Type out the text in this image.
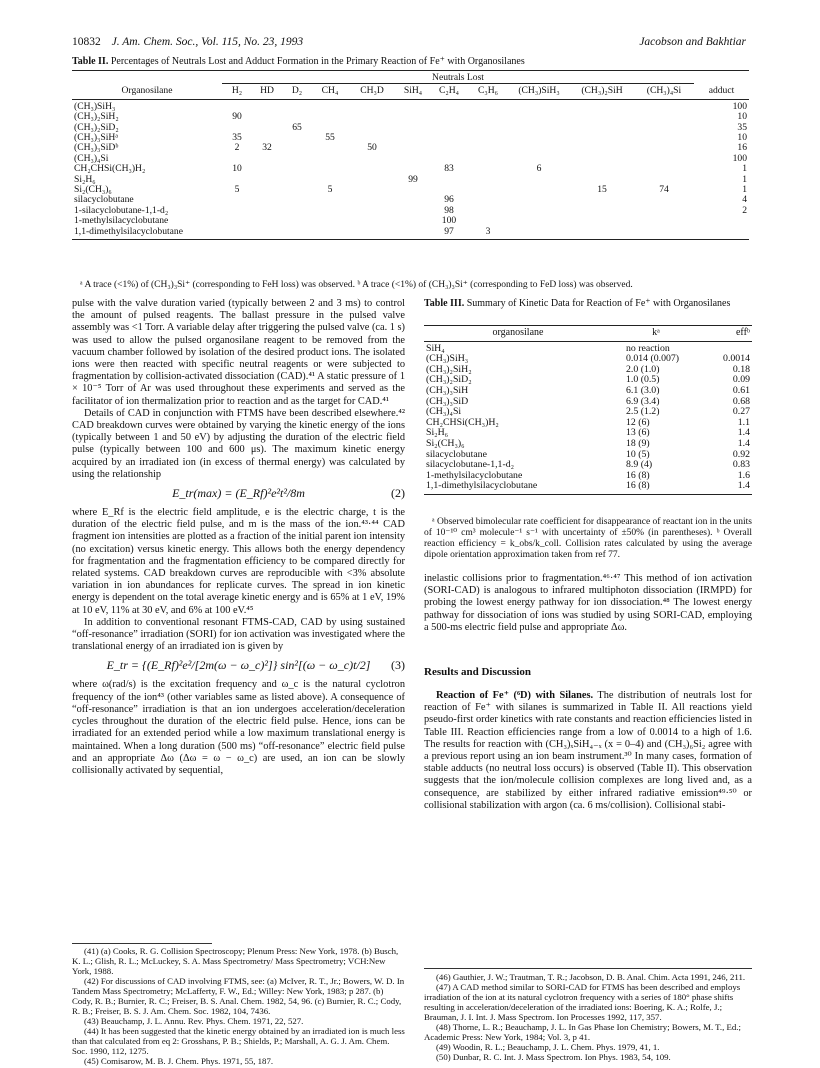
10832 J. Am. Chem. Soc., Vol. 115, No. 23, 1993	Jacobson and Bakhtiar
Table II. Percentages of Neutrals Lost and Adduct Formation in the Primary Reaction of Fe⁺ with Organosilanes
	Neutrals Lost											
Organosilane	H₂	HD	D₂	CH₄	CH₃D	SiH₄	C₂H₄	C₃H₆	(CH₃)SiH₃	(CH₃)₂SiH	(CH₃)₄Si	adduct
(CH₃)SiH₃												100
(CH₃)₂SiH₂	90											10
(CH₃)₂SiD₂			65									35
(CH₃)₃SiHᵃ	35			55								10
(CH₃)₃SiDᵇ	2	32			50							16
(CH₃)₄Si												100
CH₂CHSi(CH₃)H₂	10						83		6			1
Si₂H₆						99						1
Si₂(CH₃)₆	5			5						15	74	1
silacyclobutane							96					4
1-silacyclobutane-1,1-d₂							98					2
1-methylsilacyclobutane							100					
1,1-dimethylsilacyclobutane							97	3				
ᵃ A trace (<1%) of (CH₃)₃Si⁺ (corresponding to FeH loss) was observed. ᵇ A trace (<1%) of (CH₃)₃Si⁺ (corresponding to FeD loss) was observed.

pulse with the valve duration varied (typically between 2 and 3 ms) to control the amount of pulsed reagents. The ballast pressure in the pulsed valve assembly was <1 Torr. A variable delay after triggering the pulsed valve (ca. 1 s) was used to allow the pulsed organosilane reagent to be removed from the vacuum chamber followed by isolation of the desired product ions. The isolated ions were then reacted with specific neutral reagents or were subjected to fragmentation by collision-activated dissociation (CAD).⁴¹ A static pressure of 1 × 10⁻⁵ Torr of Ar was used throughout these experiments and served as the facilitator of ion thermalization prior to reaction and as the target for CAD.⁴¹

Details of CAD in conjunction with FTMS have been described elsewhere.⁴² CAD breakdown curves were obtained by varying the kinetic energy of the ions (typically between 1 and 50 eV) by adjusting the duration of the electric field pulse (typically between 100 and 600 μs). The maximum kinetic energy acquired by an irradiated ion (in excess of thermal energy) was calculated by using the relationship

E_tr(max) = (E_Rf)²e²t²/8m	(2)

where E_Rf is the electric field amplitude, e is the electric charge, t is the duration of the electric field pulse, and m is the mass of the ion.⁴³·⁴⁴ CAD fragment ion intensities are plotted as a fraction of the initial parent ion intensity (no excitation) versus kinetic energy. This allows both the energy dependency for fragmentation and the fragmentation efficiency to be compared directly for related systems. CAD breakdown curves are reproducible with <3% absolute variation in ion abundances for replicate curves. The spread in ion kinetic energy is dependent on the total average kinetic energy and is 65% at 1 eV, 19% at 10 eV, 11% at 30 eV, and 6% at 100 eV.⁴⁵

In addition to conventional resonant FTMS-CAD, CAD by using sustained “off-resonance” irradiation (SORI) for ion activation was investigated where the translational energy of an irradiated ion is given by

E_tr = {(E_Rf)²e²/[2m(ω − ω_c)²]} sin²[(ω − ω_c)t/2]	(3)

where ω(rad/s) is the excitation frequency and ω_c is the natural cyclotron frequency of the ion⁴³ (other variables same as listed above). A consequence of “off-resonance” irradiation is that an ion undergoes acceleration/deceleration cycles throughout the duration of the electric field pulse. Hence, ions can be irradiated for an extended period while a low maximum translational energy is maintained. When a long duration (500 ms) “off-resonance” electric field pulse and an appropriate Δω (Δω = ω − ω_c) are used, an ion can be slowly collisionally activated by sequential,

(41) (a) Cooks, R. G. Collision Spectroscopy; Plenum Press: New York, 1978. (b) Busch, K. L.; Glish, R. L.; McLuckey, S. A. Mass Spectrometry/ Mass Spectrometry; VCH:New York, 1988.

(42) For discussions of CAD involving FTMS, see: (a) McIver, R. T., Jr.; Bowers, W. D. In Tandem Mass Spectrometry; McLafferty, F. W., Ed.; Willey: New York, 1983; p 287. (b) Cody, R. B.; Burnier, R. C.; Freiser, B. S. Anal. Chem. 1982, 54, 96. (c) Burnier, R. C.; Cody, R. B.; Freiser, B. S. J. Am. Chem. Soc. 1982, 104, 7436.

(43) Beauchamp, J. L. Annu. Rev. Phys. Chem. 1971, 22, 527.

(44) It has been suggested that the kinetic energy obtained by an irradiated ion is much less than that calculated from eq 2: Grosshans, P. B.; Shields, P.; Marshall, A. G. J. Am. Chem. Soc. 1990, 112, 1275.

(45) Comisarow, M. B. J. Chem. Phys. 1971, 55, 187.

Table III. Summary of Kinetic Data for Reaction of Fe⁺ with Organosilanes
organosilane	kᵃ	effᵇ
SiH₄	no reaction	
(CH₃)SiH₃	0.014 (0.007)	0.0014
(CH₃)₂SiH₂	2.0 (1.0)	0.18
(CH₃)₂SiD₂	1.0 (0.5)	0.09
(CH₃)₃SiH	6.1 (3.0)	0.61
(CH₃)₃SiD	6.9 (3.4)	0.68
(CH₃)₄Si	2.5 (1.2)	0.27
CH₂CHSi(CH₃)H₂	12 (6)	1.1
Si₂H₆	13 (6)	1.4
Si₂(CH₃)₆	18 (9)	1.4
silacyclobutane	10 (5)	0.92
silacyclobutane-1,1-d₂	8.9 (4)	0.83
1-methylsilacyclobutane	16 (8)	1.6
1,1-dimethylsilacyclobutane	16 (8)	1.4

ᵃ Observed bimolecular rate coefficient for disappearance of reactant ion in the units of 10⁻¹⁰ cm³ molecule⁻¹ s⁻¹ with uncertainty of ±50% (in parentheses). ᵇ Overall reaction efficiency = k_obs/k_coll. Collision rates calculated by using the average dipole orientation approximation taken from ref 77.

inelastic collisions prior to fragmentation.⁴⁶·⁴⁷ This method of ion activation (SORI-CAD) is analogous to infrared multiphoton dissociation (IRMPD) for probing the lowest energy pathway for ion dissociation.⁴⁸ The lowest energy pathway for dissociation of ions was studied by using SORI-CAD, employing a 500-ms electric field pulse and appropriate Δω.

Results and Discussion

Reaction of Fe⁺ (⁶D) with Silanes. The distribution of neutrals lost for reaction of Fe⁺ with silanes is summarized in Table II. All reactions yield pseudo-first order kinetics with rate constants and reaction efficiencies listed in Table III. Reaction efficiencies range from a low of 0.0014 to a high of 1.6. The results for reaction with (CH₃)ₓSiH₄₋ₓ (x = 0–4) and (CH₃)₆Si₂ agree with a previous report using an ion beam instrument.³⁰ In many cases, formation of stable adducts (no neutral loss occurs) is observed (Table II). This observation suggests that the ion/molecule collision complexes are long lived and, as a consequence, are stabilized by either infrared radiative emission⁴⁹·⁵⁰ or collisional stabilization with argon (ca. 6 ms/collision). Collisional stabi-

(46) Gauthier, J. W.; Trautman, T. R.; Jacobson, D. B. Anal. Chim. Acta 1991, 246, 211.

(47) A CAD method similar to SORI-CAD for FTMS has been described and employs irradiation of the ion at its natural cyclotron frequency with a series of 180° phase shifts resulting in acceleration/deceleration of the irradiated ions: Boering, K. A.; Rolfe, J.; Brauman, J. I. Int. J. Mass Spectrom. Ion Processes 1992, 117, 357.

(48) Thorne, L. R.; Beauchamp, J. L. In Gas Phase Ion Chemistry; Bowers, M. T., Ed.; Academic Press: New York, 1984; Vol. 3, p 41.

(49) Woodin, R. L.; Beauchamp, J. L. Chem. Phys. 1979, 41, 1.

(50) Dunbar, R. C. Int. J. Mass Spectrom. Ion Phys. 1983, 54, 109.
